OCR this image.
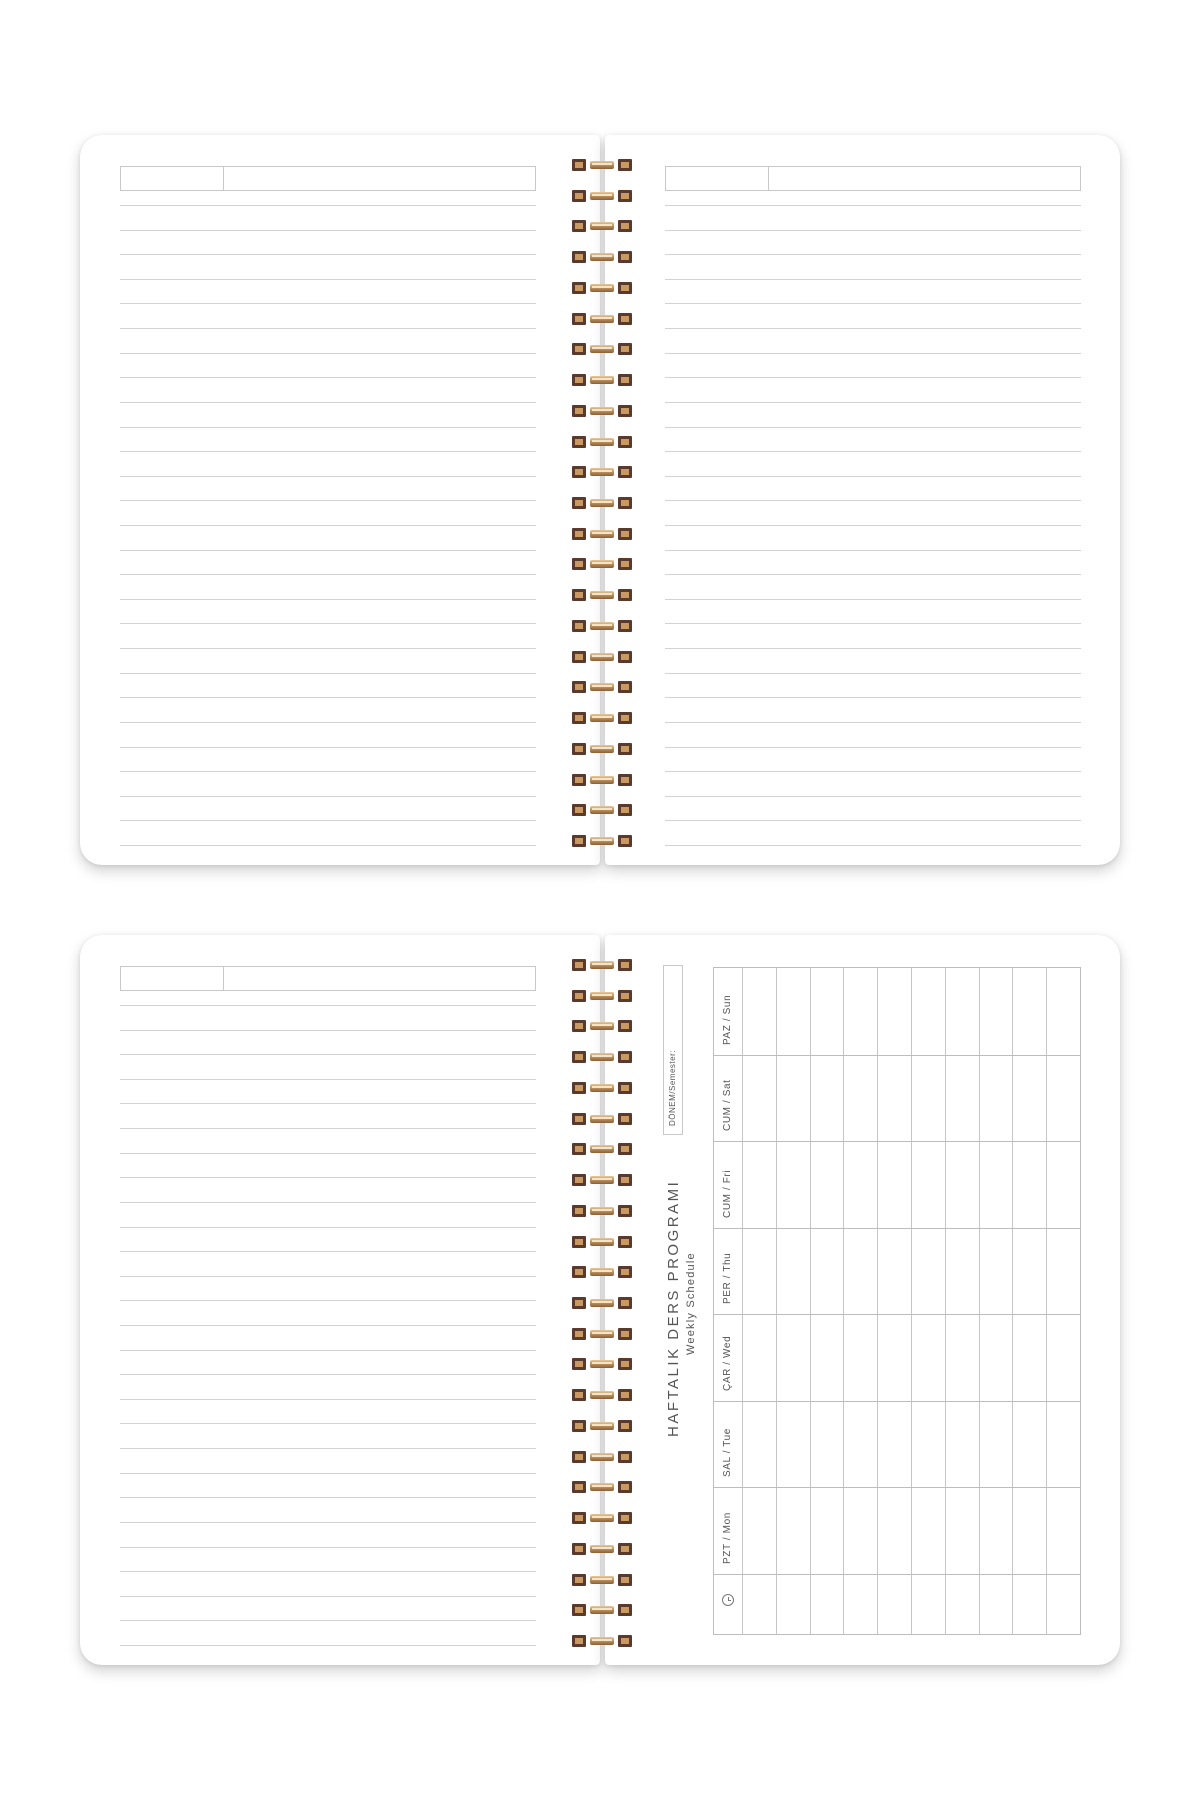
DÖNEM/Semester:
HAFTALIK DERS PROGRAMI Weekly Schedule
PZT / Mon
SAL / Tue
ÇAR / Wed
PER / Thu
CUM / Fri
CUM / Sat
PAZ / Sun
